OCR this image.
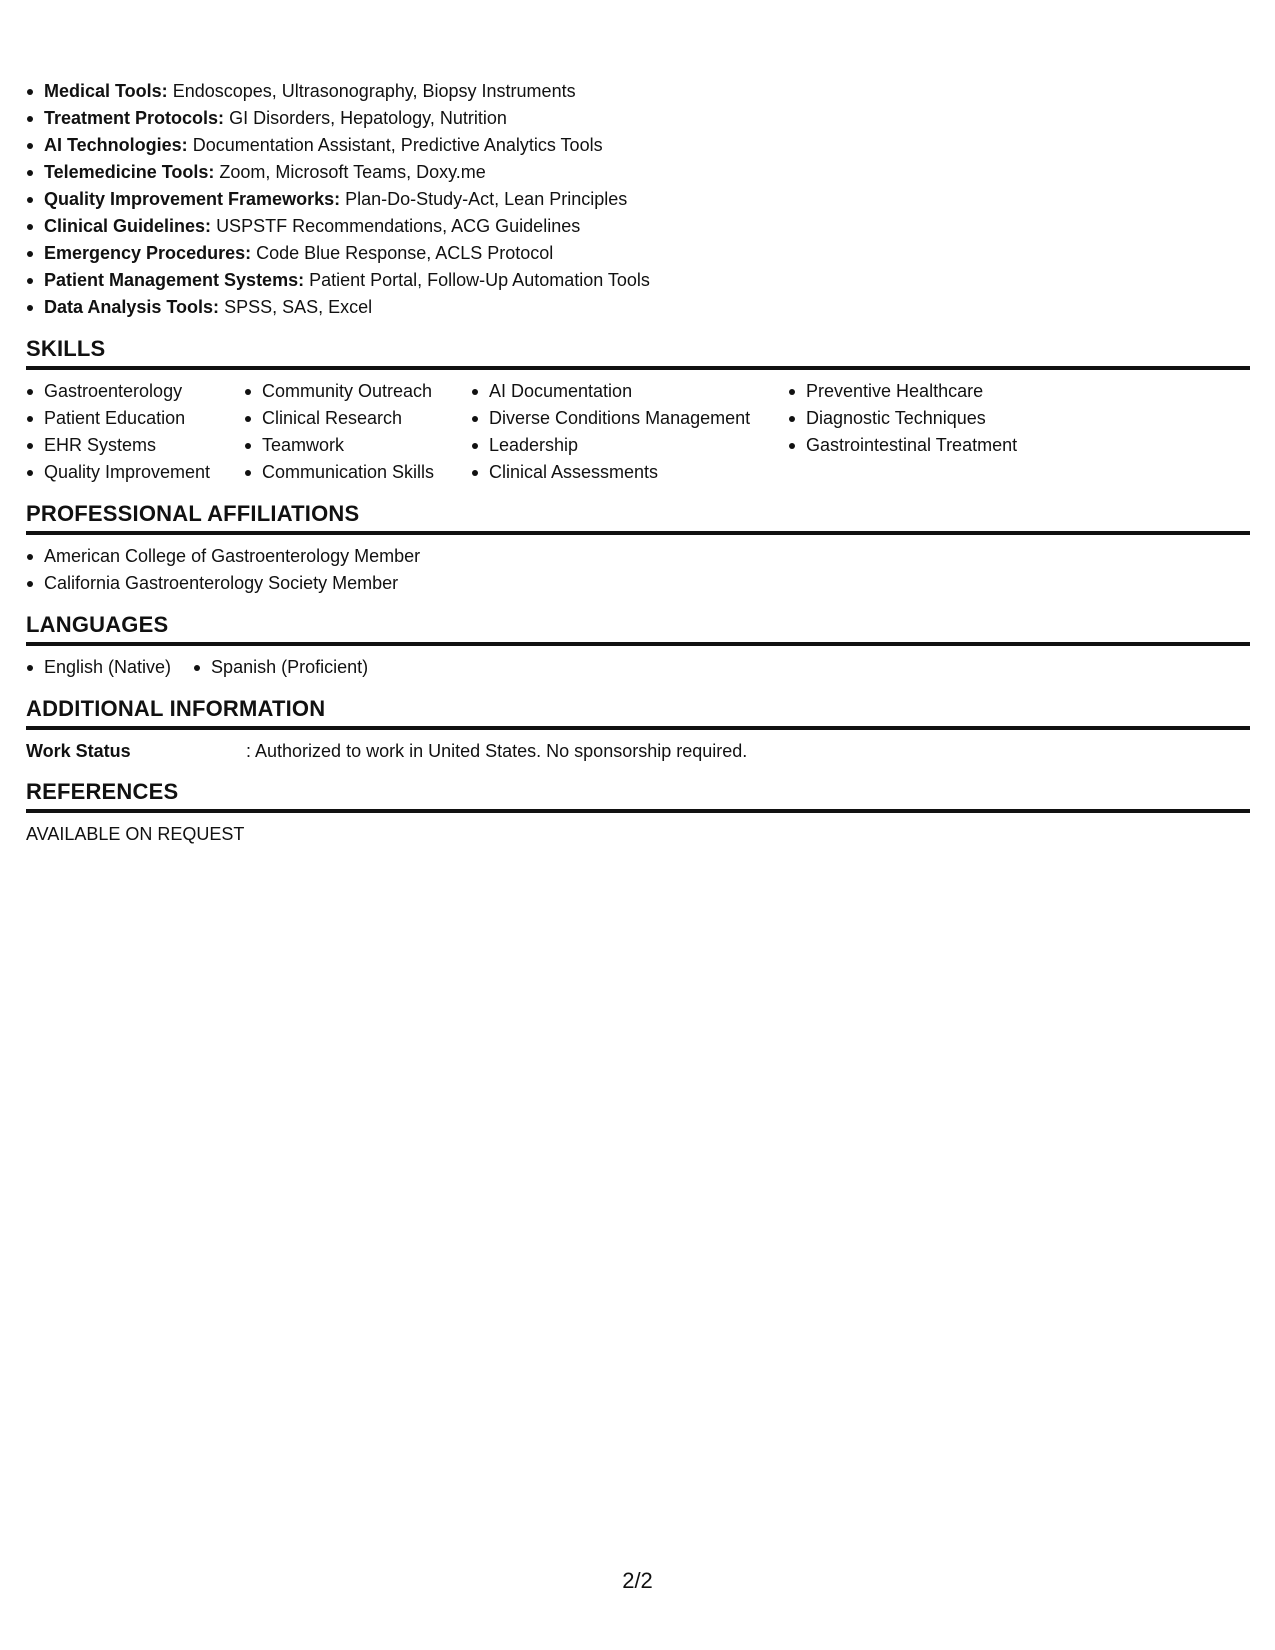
Medical Tools: Endoscopes, Ultrasonography, Biopsy Instruments
Treatment Protocols: GI Disorders, Hepatology, Nutrition
AI Technologies: Documentation Assistant, Predictive Analytics Tools
Telemedicine Tools: Zoom, Microsoft Teams, Doxy.me
Quality Improvement Frameworks: Plan-Do-Study-Act, Lean Principles
Clinical Guidelines: USPSTF Recommendations, ACG Guidelines
Emergency Procedures: Code Blue Response, ACLS Protocol
Patient Management Systems: Patient Portal, Follow-Up Automation Tools
Data Analysis Tools: SPSS, SAS, Excel
SKILLS
Gastroenterology
Patient Education
EHR Systems
Quality Improvement
Community Outreach
Clinical Research
Teamwork
Communication Skills
AI Documentation
Diverse Conditions Management
Leadership
Clinical Assessments
Preventive Healthcare
Diagnostic Techniques
Gastrointestinal Treatment
PROFESSIONAL AFFILIATIONS
American College of Gastroenterology Member
California Gastroenterology Society Member
LANGUAGES
English (Native)	Spanish (Proficient)
ADDITIONAL INFORMATION
Work Status	: Authorized to work in United States. No sponsorship required.
REFERENCES
AVAILABLE ON REQUEST
2/2
